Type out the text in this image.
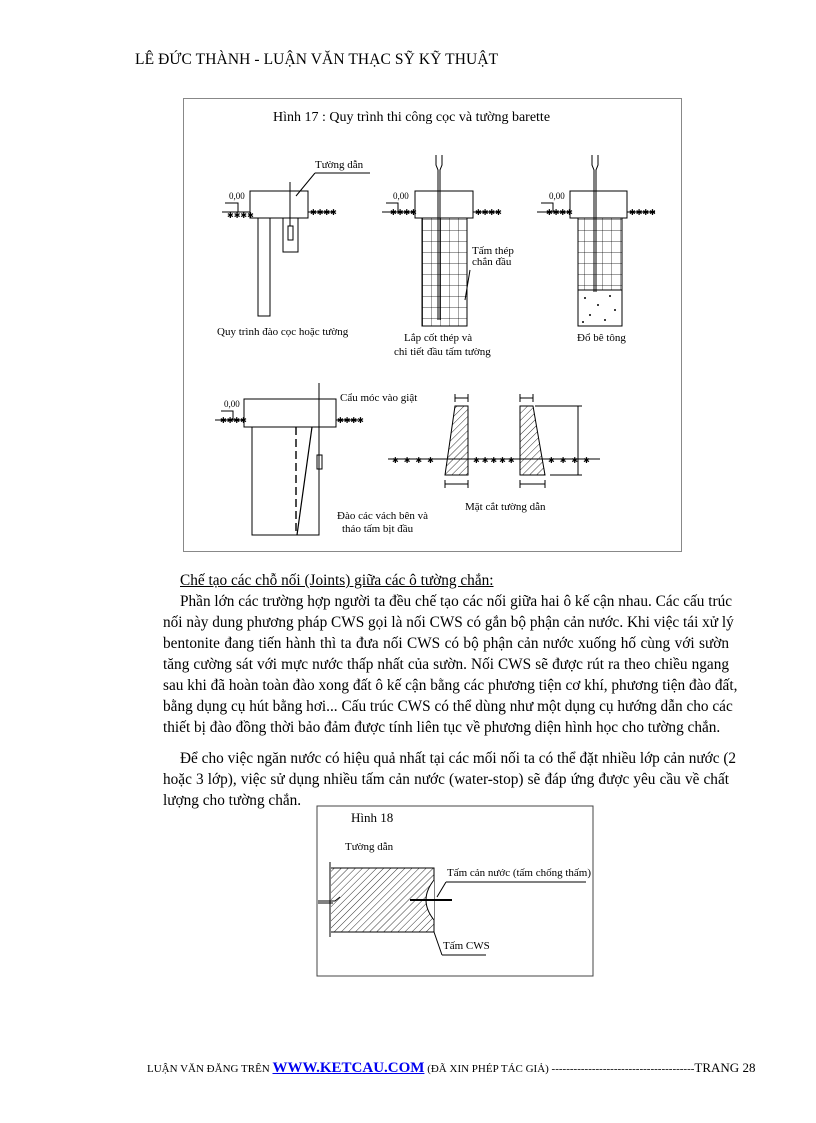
LÊ ĐỨC THÀNH - LUẬN VĂN THẠC SỸ KỸ THUẬT
✱✱✱✱	✱✱✱✱	✱✱✱✱	✱✱✱✱	✱✱✱✱	✱✱✱✱
✱✱✱✱	✱✱✱✱
✱✱✱✱	✱✱✱✱✱	✱✱✱✱
Hình 17 : Quy trình thi công cọc và tường barette
0,00	0,00	0,00
0,00
Tường dẫn
Quy trình đào cọc hoặc tường
Tấm thép
chắn đầu
Lắp cốt thép và
chi tiết đầu tấm tường
Đổ bê tông
Cẩu móc vào giật
Đào các vách bên và
tháo tấm bịt đầu
Mặt cắt tường dẫn
Chế tạo các chỗ nối (Joints) giữa các ô tường chắn:
Phần lớn các trường hợp người ta đều chế tạo các nối giữa hai ô kế cận nhau. Các cấu trúc
nối này dung phương pháp CWS gọi là nối CWS có gắn bộ phận cản nước. Khi việc tái xử lý
bentonite đang tiến hành thì ta đưa nối CWS có bộ phận cản nước xuống hố cùng với sườn
tăng cường sát với mực nước thấp nhất của sườn. Nối CWS sẽ được rút ra theo chiều ngang
sau khi đã hoàn toàn đào xong đất ô kế cận bằng các phương tiện cơ khí, phương tiện đào đất,
bằng dụng cụ hút bằng hơi... Cấu trúc CWS có thể dùng như một dụng cụ hướng dẫn cho các
thiết bị đào đồng thời bảo đảm được tính liên tục về phương diện hình học cho tường chắn.
Để cho việc ngăn nước có hiệu quả nhất tại các mối nối ta có thể đặt nhiều lớp cản nước (2
hoặc 3 lớp), việc sử dụng nhiều tấm cản nước (water-stop) sẽ đáp ứng được yêu cầu về chất
lượng cho tường chắn.
Hình 18
Tường dẫn
Tấm cản nước (tấm chống thấm)
Tấm CWS
LUẬN VĂN ĐĂNG TRÊN WWW.KETCAU.COM (ĐÃ XIN PHÉP TÁC GIẢ) ---------------------------------------TRANG 28
